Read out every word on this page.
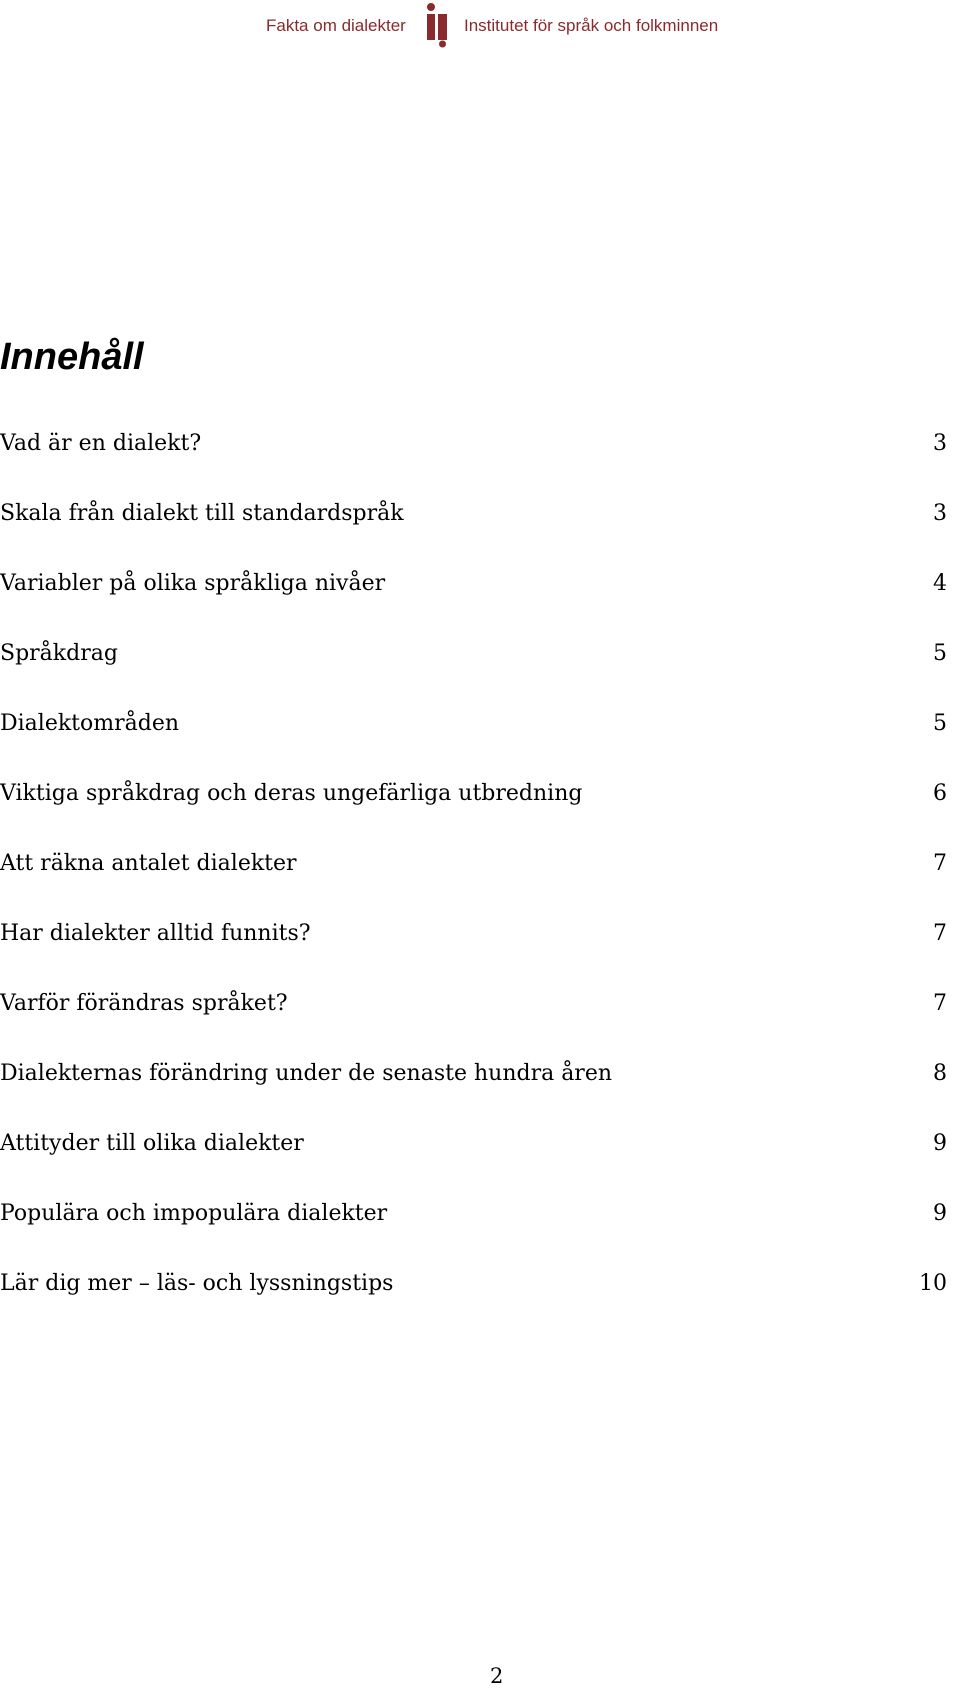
Fakta om dialekter	Institutet för språk och folkminnen
Innehåll
Vad är en dialekt?	3
Skala från dialekt till standardspråk	3
Variabler på olika språkliga nivåer	4
Språkdrag	5
Dialektområden	5
Viktiga språkdrag och deras ungefärliga utbredning	6
Att räkna antalet dialekter	7
Har dialekter alltid funnits?	7
Varför förändras språket?	7
Dialekternas förändring under de senaste hundra åren	8
Attityder till olika dialekter	9
Populära och impopulära dialekter	9
Lär dig mer – läs- och lyssningstips	10
2
